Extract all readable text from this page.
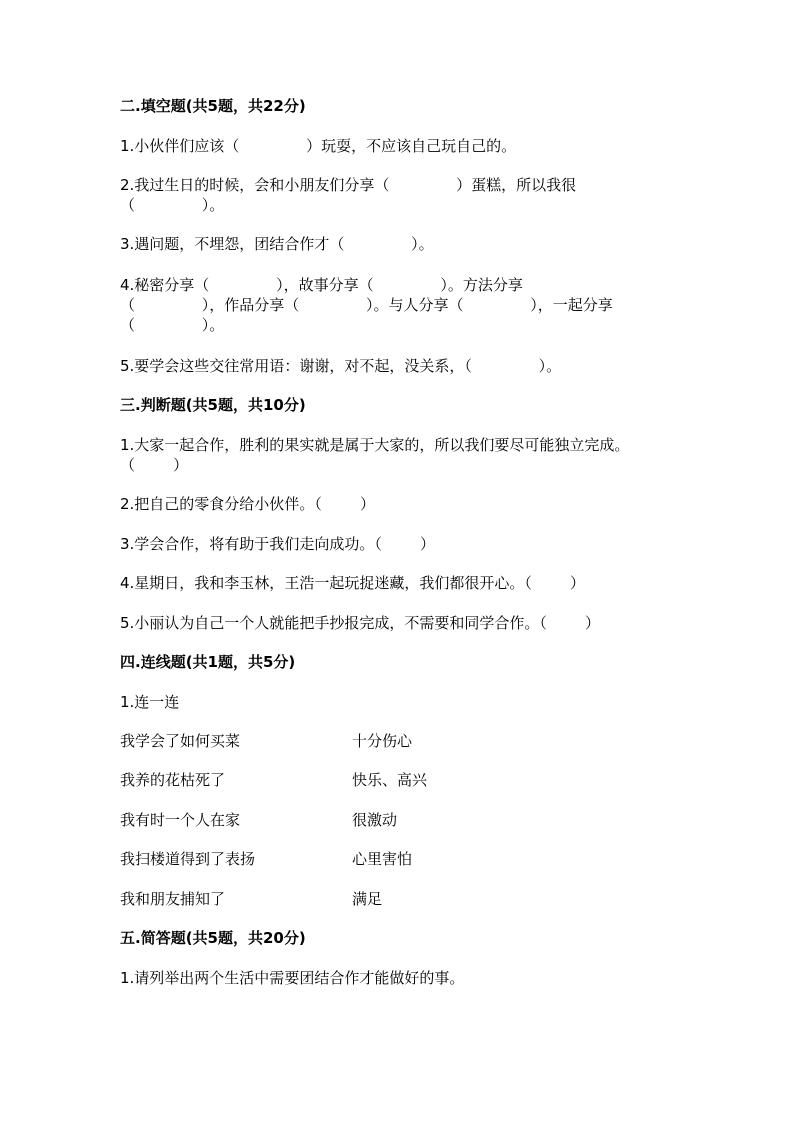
二.填空题(共5题，共22分)
1.小伙伴们应该（              ）玩耍，不应该自己玩自己的。
2.我过生日的时候，会和小朋友们分享（              ）蛋糕，所以我很
（              ）。
3.遇问题，不埋怨，团结合作才（              ）。
4.秘密分享（              ），故事分享（              ）。方法分享
（              ），作品分享（              ）。与人分享（              ），一起分享
（              ）。
5.要学会这些交往常用语：谢谢，对不起，没关系，（              ）。
三.判断题(共5题，共10分)
1.大家一起合作，胜利的果实就是属于大家的，所以我们要尽可能独立完成。
（        ）
2.把自己的零食分给小伙伴。（        ）
3.学会合作，将有助于我们走向成功。（        ）
4.星期日，我和李玉林，王浩一起玩捉迷藏，我们都很开心。（        ）
5.小丽认为自己一个人就能把手抄报完成，不需要和同学合作。（        ）
四.连线题(共1题，共5分)
1.连一连
我学会了如何买菜	十分伤心
我养的花枯死了	快乐、高兴
我有时一个人在家	很激动
我扫楼道得到了表扬	心里害怕
我和朋友捕知了	满足
五.简答题(共5题，共20分)
1.请列举出两个生活中需要团结合作才能做好的事。
